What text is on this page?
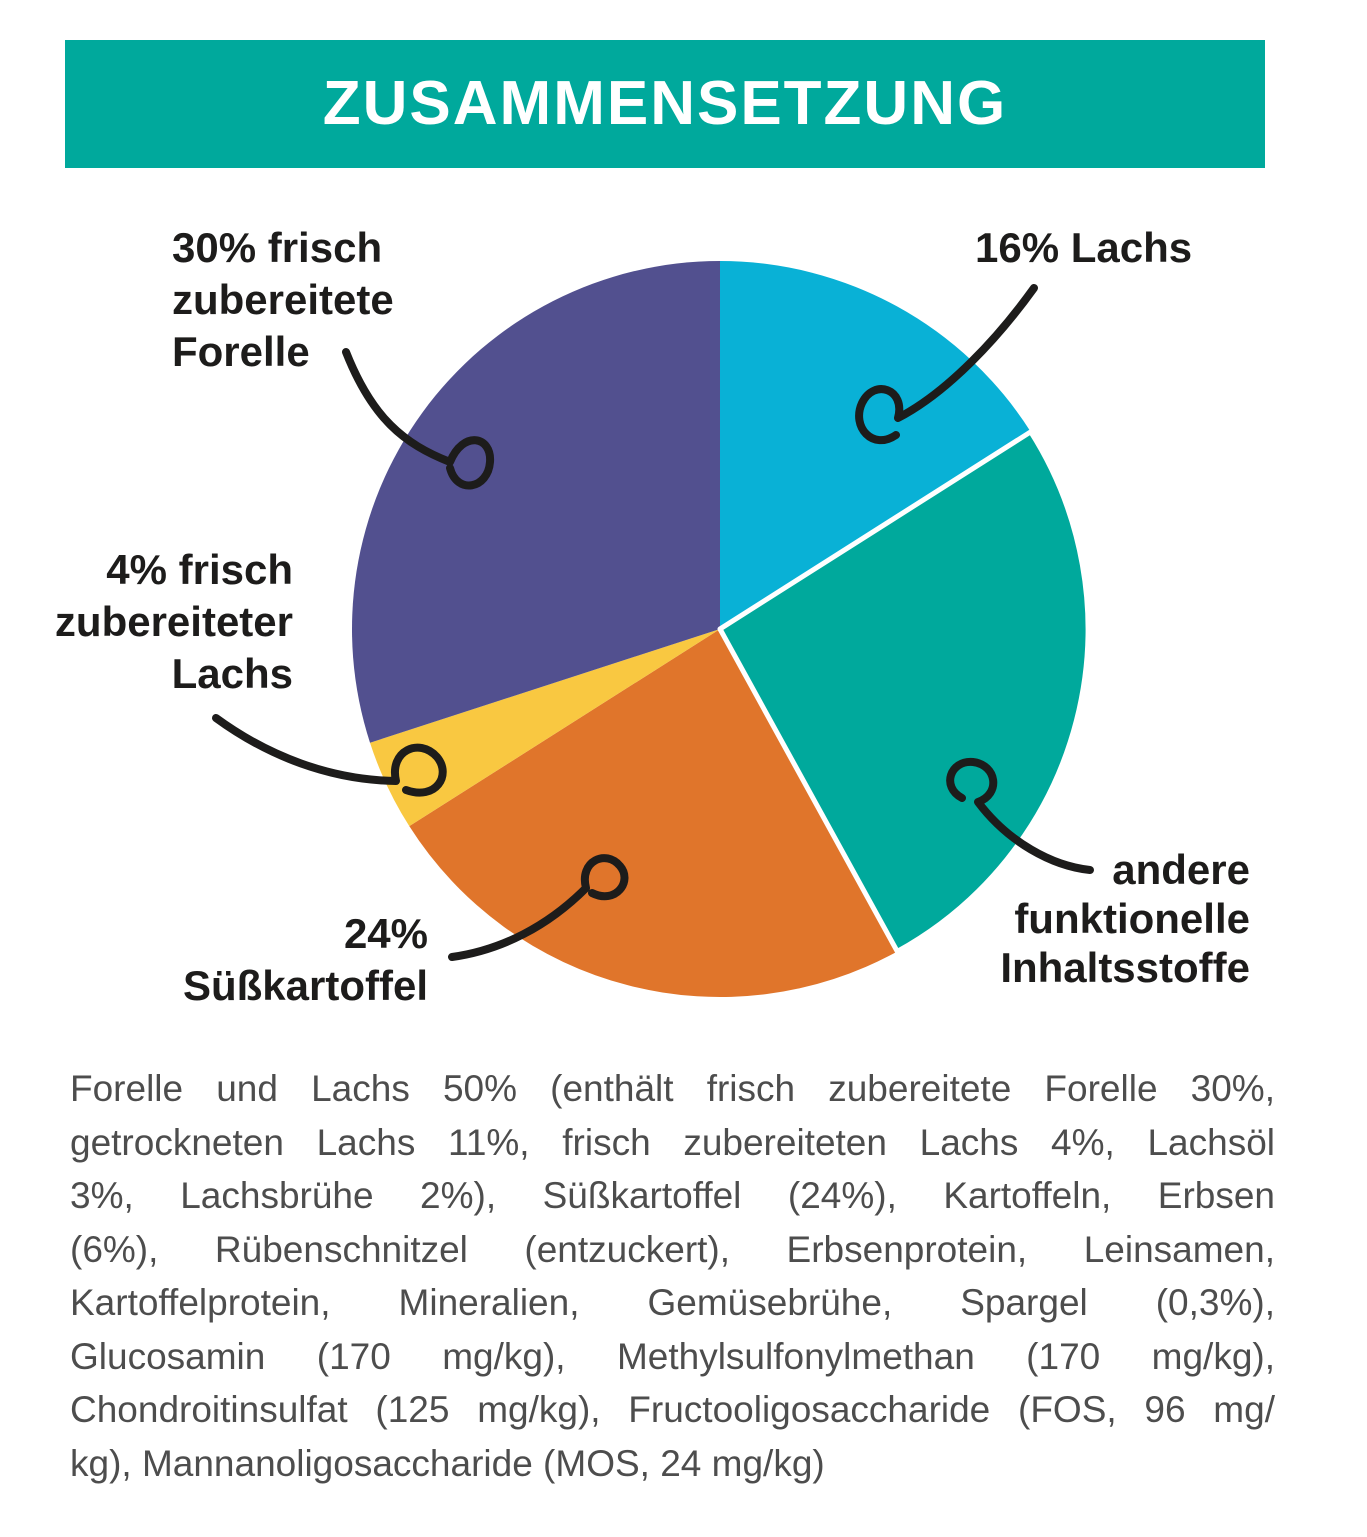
ZUSAMMENSETZUNG
30% frisch
zubereitete
Forelle
16% Lachs
4% frisch
zubereiteter
Lachs
24%
Süßkartoffel
andere
funktionelle
Inhaltsstoffe
Forelle und Lachs 50% (enthält frisch zubereitete Forelle 30%,
getrockneten Lachs 11%, frisch zubereiteten Lachs 4%, Lachsöl
3%, Lachsbrühe 2%), Süßkartoffel (24%), Kartoffeln, Erbsen
(6%), Rübenschnitzel (entzuckert), Erbsenprotein, Leinsamen,
Kartoffelprotein, Mineralien, Gemüsebrühe, Spargel (0,3%),
Glucosamin (170 mg/kg), Methylsulfonylmethan (170 mg/kg),
Chondroitinsulfat (125 mg/kg), Fructooligosaccharide (FOS, 96 mg/
kg), Mannanoligosaccharide (MOS, 24 mg/kg)
